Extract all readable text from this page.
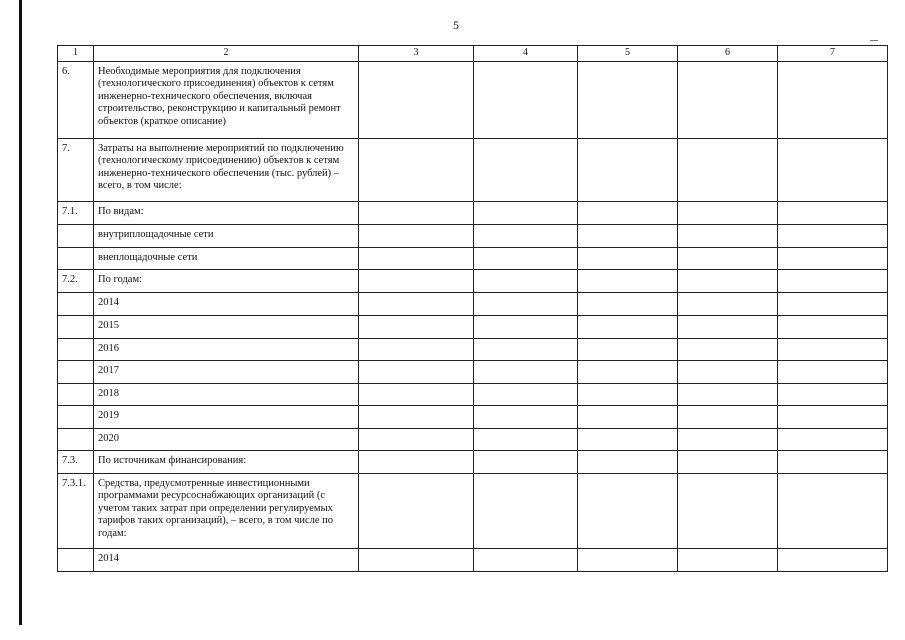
5
1	2	3	4	5	6	7
6.	Необходимые мероприятия для подключения (технологического присоединения) объектов к сетям инженерно-технического обеспечения, включая строительство, реконструкцию и капитальный ремонт объектов (краткое описание)					
7.	Затраты на выполнение мероприятий по подключению (технологическому присоединению) объектов к сетям инженерно-технического обеспечения (тыс. рублей) – всего, в том числе:					
7.1.	По видам:					
	внутриплощадочные сети					
	внеплощадочные сети					
7.2.	По годам:					
	2014					
	2015					
	2016					
	2017					
	2018					
	2019					
	2020					
7.3.	По источникам финансирования:					
7.3.1.	Средства, предусмотренные инвестиционными программами ресурсоснабжающих организаций (с учетом таких затрат при определении регулируемых тарифов таких организаций), – всего, в том числе по годам:					
	2014					
